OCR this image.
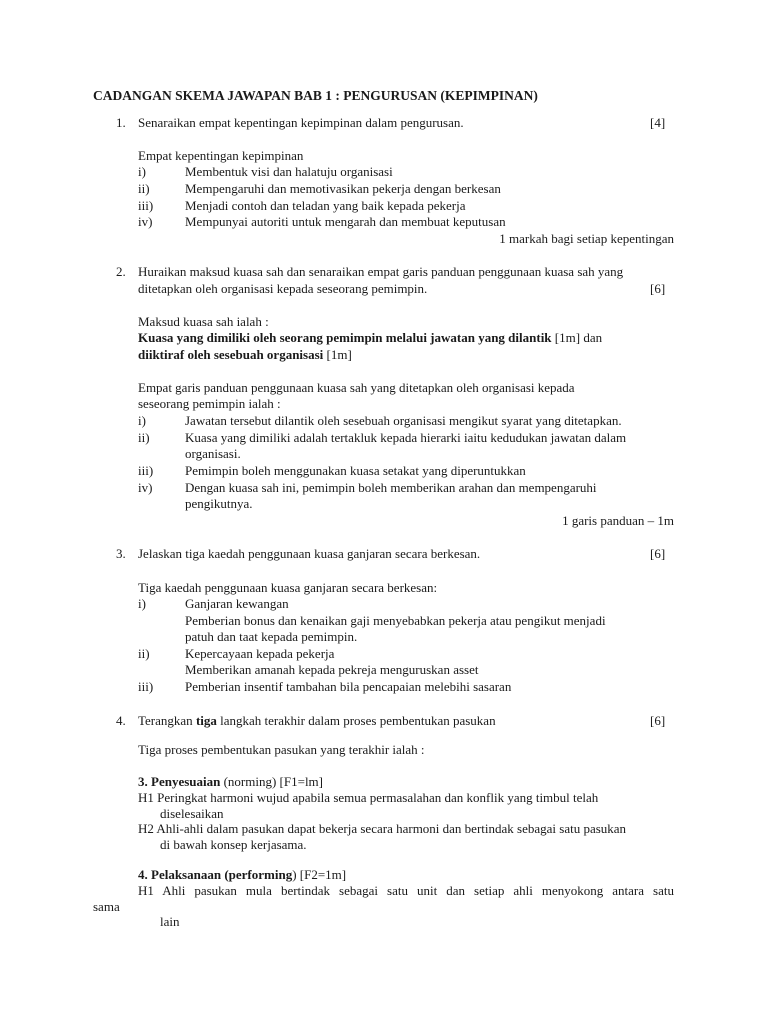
CADANGAN SKEMA JAWAPAN BAB 1 : PENGURUSAN (KEPIMPINAN)
1. Senaraikan empat kepentingan kepimpinan dalam pengurusan.	[4]
Empat kepentingan kepimpinan
i)	Membentuk visi dan halatuju organisasi
ii)	Mempengaruhi dan memotivasikan pekerja dengan berkesan
iii) Menjadi contoh dan teladan yang baik kepada pekerja
iv)	Mempunyai autoriti untuk mengarah dan membuat keputusan
1 markah bagi setiap kepentingan
2. Huraikan maksud kuasa sah dan senaraikan empat garis panduan penggunaan kuasa sah yang
ditetapkan oleh organisasi kepada seseorang pemimpin.	[6]
Maksud kuasa sah ialah :
Kuasa yang dimiliki oleh seorang pemimpin melalui jawatan yang dilantik [1m] dan
diiktiraf oleh sesebuah organisasi [1m]
Empat garis panduan penggunaan kuasa sah yang ditetapkan oleh organisasi kepada
seseorang pemimpin ialah :
i)	Jawatan tersebut dilantik oleh sesebuah organisasi mengikut syarat yang ditetapkan.
ii)	Kuasa yang dimiliki adalah tertakluk kepada hierarki iaitu kedudukan jawatan dalam
organisasi.
iii) Pemimpin boleh menggunakan kuasa setakat yang diperuntukkan
iv)	Dengan kuasa sah ini, pemimpin boleh memberikan arahan dan mempengaruhi
pengikutnya.
1 garis panduan – 1m
3. Jelaskan tiga kaedah penggunaan kuasa ganjaran secara berkesan.	[6]
Tiga kaedah penggunaan kuasa ganjaran secara berkesan:
i)	Ganjaran kewangan
Pemberian bonus dan kenaikan gaji menyebabkan pekerja atau pengikut menjadi
patuh dan taat kepada pemimpin.
ii)	Kepercayaan kepada pekerja
Memberikan amanah kepada pekreja menguruskan asset
iii) Pemberian insentif tambahan bila pencapaian melebihi sasaran
4. Terangkan tiga langkah terakhir dalam proses pembentukan pasukan	[6]
Tiga proses pembentukan pasukan yang terakhir ialah :
3. Penyesuaian (norming) [F1=lm]
H1 Peringkat harmoni wujud apabila semua permasalahan dan konflik yang timbul telah
diselesaikan
H2 Ahli-ahli dalam pasukan dapat bekerja secara harmoni dan bertindak sebagai satu pasukan
di bawah konsep kerjasama.
4. Pelaksanaan (performing) [F2=1m]
H1 Ahli pasukan mula bertindak sebagai satu unit dan setiap ahli menyokong antara satu
sama
lain
